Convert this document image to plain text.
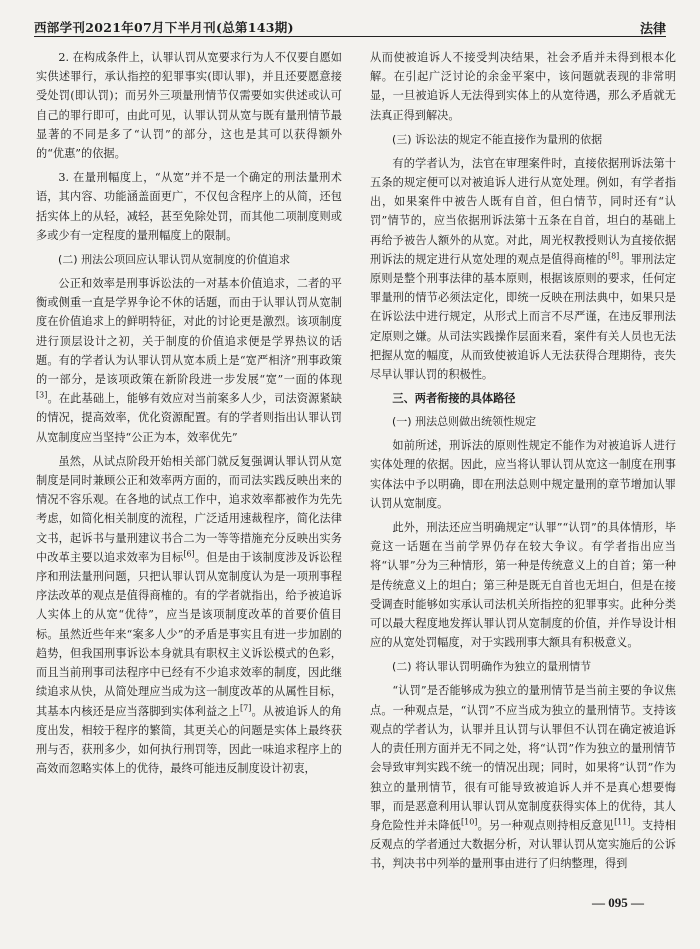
西部学刊2021年07月下半月刊(总第143期)	法律

2. 在构成条件上，认罪认罚从宽要求行为人不仅要自愿如实供述罪行，承认指控的犯罪事实(即认罪)，并且还要愿意接受处罚(即认罚)；而另外三项量刑情节仅需要如实供述或认可自己的罪行即可，由此可见，认罪认罚从宽与既有量刑情节最显著的不同是多了“认罚”的部分，这也是其可以获得额外的“优惠”的依据。

3. 在量刑幅度上，“从宽”并不是一个确定的刑法量刑术语，其内容、功能涵盖面更广，不仅包含程序上的从简，还包括实体上的从轻，减轻，甚至免除处罚，而其他二项制度则或多或少有一定程度的量刑幅度上的限制。

(二) 刑法公项回应认罪认罚从宽制度的价值追求

公正和效率是刑事诉讼法的一对基本价值追求，二者的平衡或侧重一直是学界争论不休的话题，而由于认罪认罚从宽制度在价值追求上的鲜明特征，对此的讨论更是激烈。该项制度进行顶层设计之初，关于制度的价值追求便是学界热议的话题。有的学者认为认罪认罚从宽本质上是“宽严相济”刑事政策的一部分，是该项政策在新阶段进一步发展“宽”一面的体现[3]。在此基础上，能够有效应对当前案多人少，司法资源紧缺的情况，提高效率，优化资源配置。有的学者则指出认罪认罚从宽制度应当坚持“公正为本，效率优先”

虽然，从试点阶段开始相关部门就反复强调认罪认罚从宽制度是同时兼顾公正和效率两方面的，而司法实践反映出来的情况不容乐观。在各地的试点工作中，追求效率都被作为先先考虑，如简化相关制度的流程，广泛适用速裁程序，简化法律文书，起诉书与量刑建议书合二为一等等措施充分反映出实务中改革主要以追求效率为目标[6]。但是由于该制度涉及诉讼程序和刑法量刑问题，只把认罪认罚从宽制度认为是一项刑事程序法改革的观点是值得商榷的。有的学者就指出，给予被追诉人实体上的从宽“优待”，应当是该项制度改革的首要价值目标。虽然近些年来“案多人少”的矛盾是事实且有进一步加剧的趋势，但我国刑事诉讼本身就具有职权主义诉讼模式的色彩，而且当前刑事司法程序中已经有不少追求效率的制度，因此继续追求从快，从简处理应当成为这一制度改革的从属性目标，其基本内核还是应当落脚到实体利益之上[7]。从被追诉人的角度出发，相较于程序的繁简，其更关心的问题是实体上最终获刑与否，获刑多少，如何执行刑罚等，因此一味追求程序上的高效而忽略实体上的优待，最终可能违反制度设计初衷，

从而使被追诉人不接受判决结果，社会矛盾并未得到根本化解。在引起广泛讨论的余金平案中，该问题就表现的非常明显，一旦被追诉人无法得到实体上的从宽待遇，那么矛盾就无法真正得到解决。

(三) 诉讼法的规定不能直接作为量刑的依据

有的学者认为，法官在审理案件时，直接依据刑诉法第十五条的规定便可以对被追诉人进行从宽处理。例如，有学者指出，如果案件中被告人既有自首，但白情节，同时还有“认罚”情节的，应当依据刑诉法第十五条在自首，坦白的基础上再给予被告人额外的从宽。对此，周光权教授则认为直接依据刑诉法的规定进行从宽处理的观点是值得商榷的[8]。罪刑法定原则是整个刑事法律的基本原则，根据该原则的要求，任何定罪量刑的情节必须法定化，即统一反映在刑法典中，如果只是在诉讼法中进行规定，从形式上而言不尽严谨，在违反罪刑法定原则之嫌。从司法实践操作层面来看，案件有关人员也无法把握从宽的幅度，从而致使被追诉人无法获得合理期待，丧失尽早认罪认罚的积极性。

三、两者衔接的具体路径
(一) 刑法总则做出统领性规定

如前所述，刑诉法的原则性规定不能作为对被追诉人进行实体处理的依据。因此，应当将认罪认罚从宽这一制度在刑事实体法中予以明确，即在刑法总则中规定量刑的章节增加认罪认罚从宽制度。

此外，刑法还应当明确规定“认罪”“认罚”的具体情形，毕竟这一话题在当前学界仍存在较大争议。有学者指出应当将“认罪”分为三种情形，第一种是传统意义上的自首；第一种是传统意义上的坦白；第三种是既无自首也无坦白，但是在接受调查时能够如实承认司法机关所指控的犯罪事实。此种分类可以最大程度地发挥认罪认罚从宽制度的价值，并作导设计相应的从宽处罚幅度，对于实践刑事大额具有积极意义。

(二) 将认罪认罚明确作为独立的量刑情节

“认罚”是否能够成为独立的量刑情节是当前主要的争议焦点。一种观点是，“认罚”不应当成为独立的量刑情节。支持该观点的学者认为，认罪并且认罚与认罪但不认罚在确定被追诉人的责任刑方面并无不同之处，将“认罚”作为独立的量刑情节会导致审判实践不统一的情况出现；同时，如果将“认罚”作为独立的量刑情节，很有可能导致被追诉人并不是真心想要悔罪，而是恶意利用认罪认罚从宽制度获得实体上的优待，其人身危险性并未降低[10]。另一种观点则持相反意见[11]。支持相反观点的学者通过大数据分析，对认罪认罚从宽实施后的公诉书，判决书中列举的量刑事由进行了归纳整理，得到

— 095 —
